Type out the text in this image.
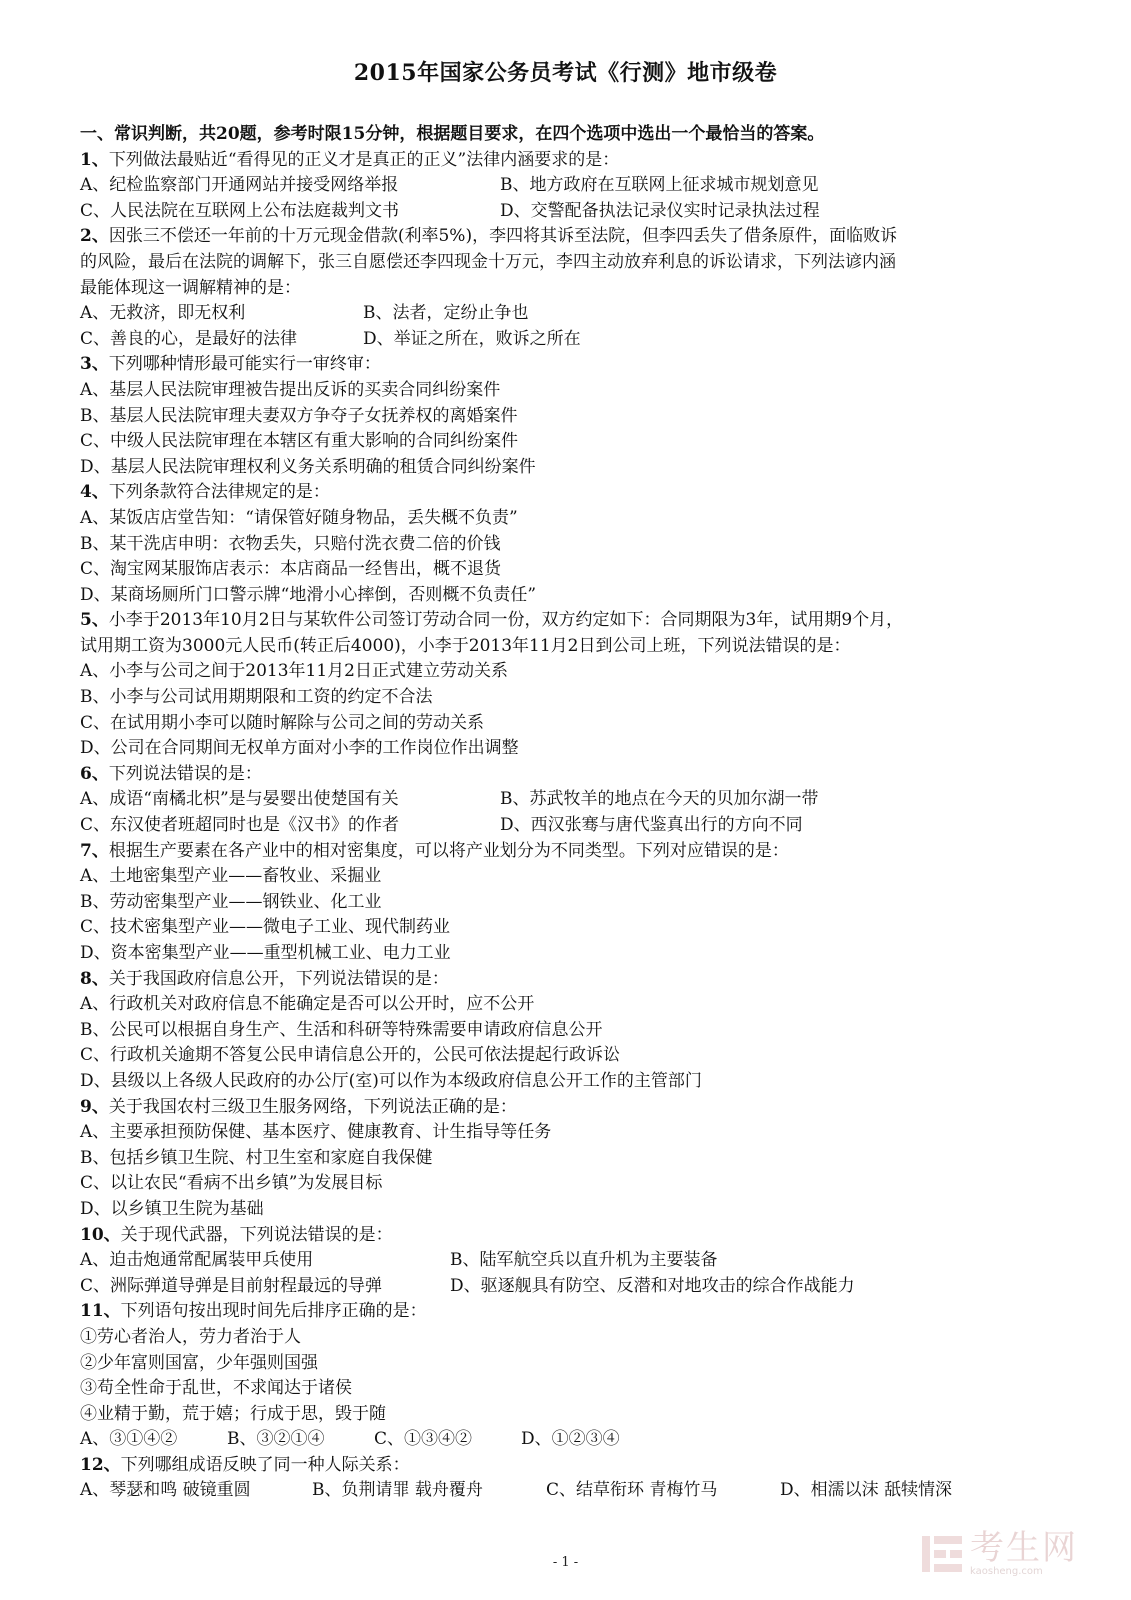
2015年国家公务员考试《行测》地市级卷
一、常识判断，共20题，参考时限15分钟，根据题目要求，在四个选项中选出一个最恰当的答案。
1、下列做法最贴近“看得见的正义才是真正的正义”法律内涵要求的是：
A、纪检监察部门开通网站并接受网络举报	B、地方政府在互联网上征求城市规划意见
C、人民法院在互联网上公布法庭裁判文书	D、交警配备执法记录仪实时记录执法过程
2、因张三不偿还一年前的十万元现金借款(利率5%)，李四将其诉至法院，但李四丢失了借条原件，面临败诉
的风险，最后在法院的调解下，张三自愿偿还李四现金十万元，李四主动放弃利息的诉讼请求，下列法谚内涵
最能体现这一调解精神的是：
A、无救济，即无权利	B、法者，定纷止争也
C、善良的心，是最好的法律	D、举证之所在，败诉之所在
3、下列哪种情形最可能实行一审终审：
A、基层人民法院审理被告提出反诉的买卖合同纠纷案件
B、基层人民法院审理夫妻双方争夺子女抚养权的离婚案件
C、中级人民法院审理在本辖区有重大影响的合同纠纷案件
D、基层人民法院审理权利义务关系明确的租赁合同纠纷案件
4、下列条款符合法律规定的是：
A、某饭店店堂告知：“请保管好随身物品，丢失概不负责”
B、某干洗店申明：衣物丢失，只赔付洗衣费二倍的价钱
C、淘宝网某服饰店表示：本店商品一经售出，概不退货
D、某商场厕所门口警示牌“地滑小心摔倒，否则概不负责任”
5、小李于2013年10月2日与某软件公司签订劳动合同一份，双方约定如下：合同期限为3年，试用期9个月，
试用期工资为3000元人民币(转正后4000)，小李于2013年11月2日到公司上班，下列说法错误的是：
A、小李与公司之间于2013年11月2日正式建立劳动关系
B、小李与公司试用期期限和工资的约定不合法
C、在试用期小李可以随时解除与公司之间的劳动关系
D、公司在合同期间无权单方面对小李的工作岗位作出调整
6、下列说法错误的是：
A、成语“南橘北枳”是与晏婴出使楚国有关	B、苏武牧羊的地点在今天的贝加尔湖一带
C、东汉使者班超同时也是《汉书》的作者	D、西汉张骞与唐代鉴真出行的方向不同
7、根据生产要素在各产业中的相对密集度，可以将产业划分为不同类型。下列对应错误的是：
A、土地密集型产业——畜牧业、采掘业
B、劳动密集型产业——钢铁业、化工业
C、技术密集型产业——微电子工业、现代制药业
D、资本密集型产业——重型机械工业、电力工业
8、关于我国政府信息公开，下列说法错误的是：
A、行政机关对政府信息不能确定是否可以公开时，应不公开
B、公民可以根据自身生产、生活和科研等特殊需要申请政府信息公开
C、行政机关逾期不答复公民申请信息公开的，公民可依法提起行政诉讼
D、县级以上各级人民政府的办公厅(室)可以作为本级政府信息公开工作的主管部门
9、关于我国农村三级卫生服务网络，下列说法正确的是：
A、主要承担预防保健、基本医疗、健康教育、计生指导等任务
B、包括乡镇卫生院、村卫生室和家庭自我保健
C、以让农民“看病不出乡镇”为发展目标
D、以乡镇卫生院为基础
10、关于现代武器，下列说法错误的是：
A、迫击炮通常配属装甲兵使用	B、陆军航空兵以直升机为主要装备
C、洲际弹道导弹是目前射程最远的导弹	D、驱逐舰具有防空、反潜和对地攻击的综合作战能力
11、下列语句按出现时间先后排序正确的是：
①劳心者治人，劳力者治于人
②少年富则国富，少年强则国强
③苟全性命于乱世，不求闻达于诸侯
④业精于勤，荒于嬉；行成于思，毁于随
A、③①④②	B、③②①④	C、①③④②	D、①②③④
12、下列哪组成语反映了同一种人际关系：
A、琴瑟和鸣 破镜重圆	B、负荆请罪 载舟覆舟	C、结草衔环 青梅竹马	D、相濡以沫 舐犊情深
- 1 -	考生网
kaosheng.com
